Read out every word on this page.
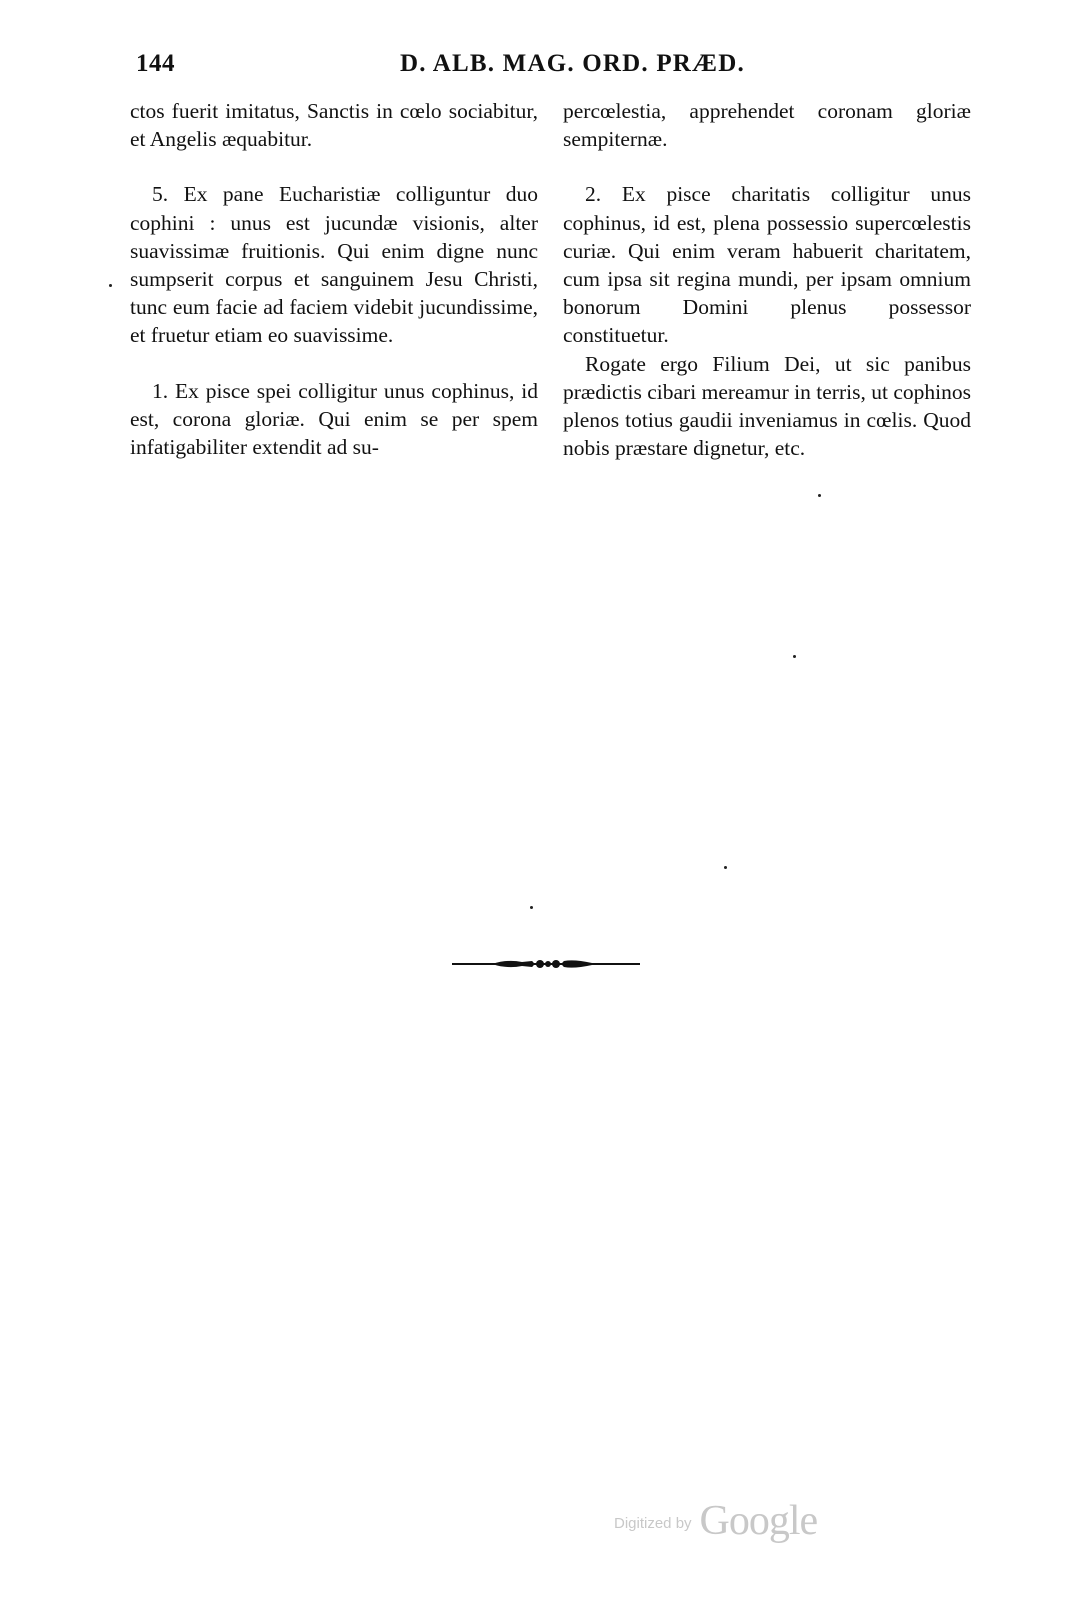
144	D. ALB. MAG. ORD. PRÆD.

ctos fuerit imitatus, Sanctis in cœlo sociabitur, et Angelis æquabitur.

5. Ex pane Eucharistiæ colliguntur duo cophini : unus est jucundæ visionis, alter suavissimæ fruitionis. Qui enim digne nunc sumpserit corpus et sanguinem Jesu Christi, tunc eum facie ad faciem videbit jucundissime, et fruetur etiam eo suavissime.

1. Ex pisce spei colligitur unus cophinus, id est, corona gloriæ. Qui enim se per spem infatigabiliter extendit ad su-

percœlestia, apprehendet coronam gloriæ sempiternæ.

2. Ex pisce charitatis colligitur unus cophinus, id est, plena possessio supercœlestis curiæ. Qui enim veram habuerit charitatem, cum ipsa sit regina mundi, per ipsam omnium bonorum Domini plenus possessor constituetur.

Rogate ergo Filium Dei, ut sic panibus prædictis cibari mereamur in terris, ut cophinos plenos totius gaudii inveniamus in cœlis. Quod nobis præstare dignetur, etc.

Digitized by Google
